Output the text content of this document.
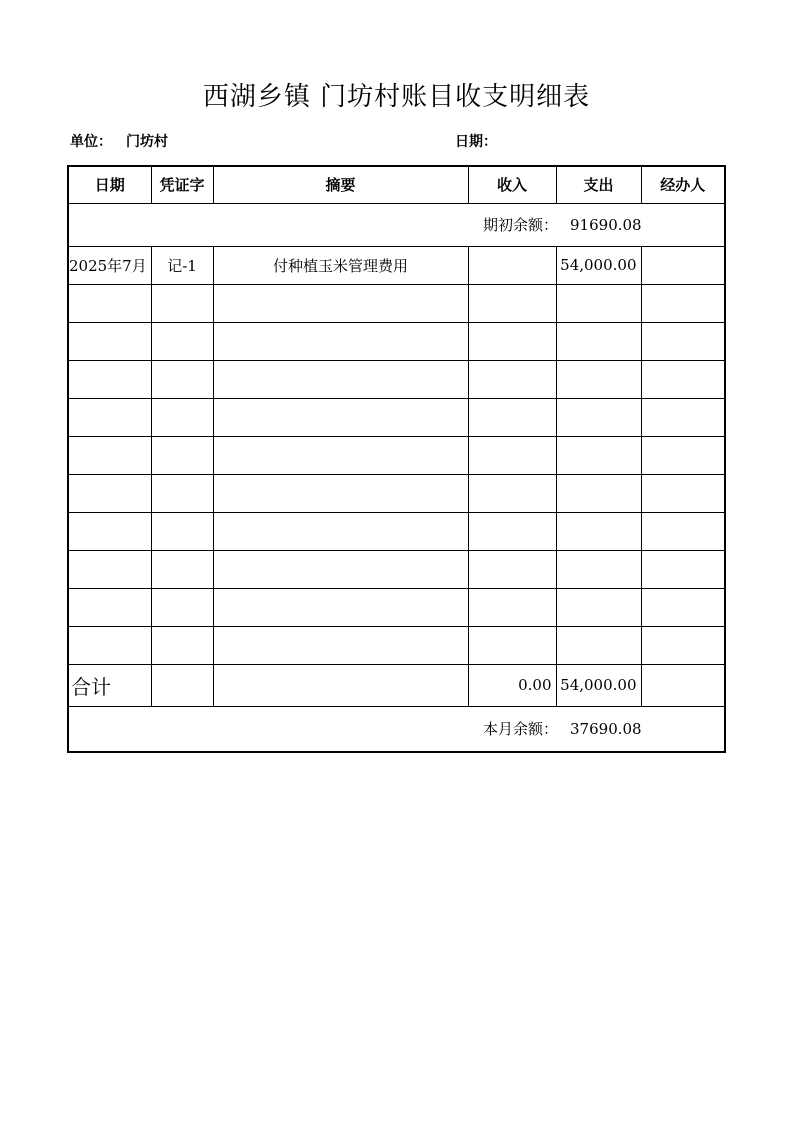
西湖乡镇 门坊村账目收支明细表
单位： 门坊村	日期：
日期	凭证字	摘要	收入	支出	经办人

期初余额： 91690.08					

2025年7月	记-1	付种植玉米管理费用		54,000.00	

合计			0.00	54,000.00	

本月余额： 37690.08					
